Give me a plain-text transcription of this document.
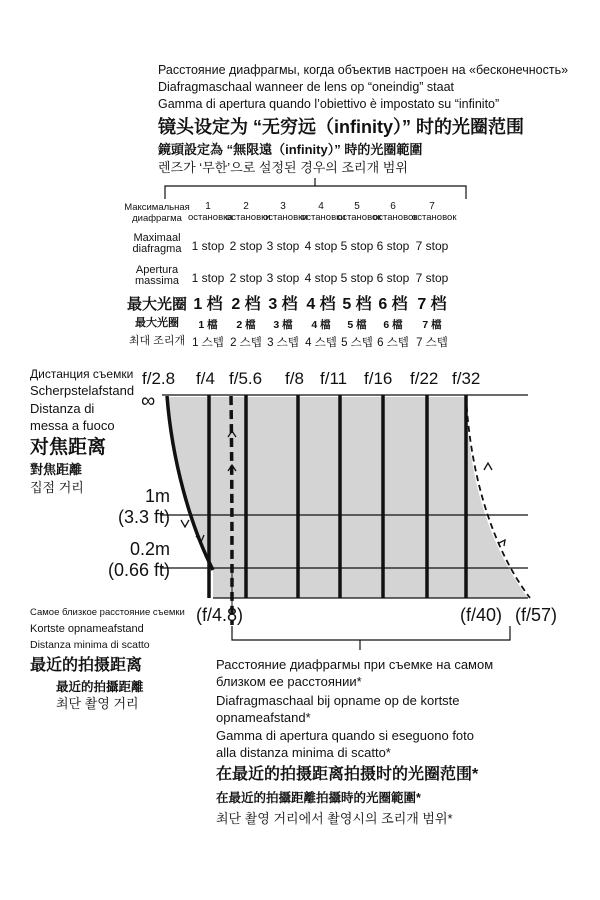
Расстояние диафрагмы, когда объектив настроен на «бесконечность»
Diafragmaschaal wanneer de lens op “oneindig” staat
Gamma di apertura quando l’obiettivo è impostato su “infinito”
镜头设定为 “无穷远（infinity）” 时的光圈范围
鏡頭設定為 “無限遠（infinity）” 時的光圈範圍
렌즈가 ‘무한’으로 설정된 경우의 조리개 범위
Максимальная диафрагма
Maximaal diafragma
Apertura massima
最大光圈
最大光圈
최대 조리개
1
остановка
1 stop
1 stop
1 档
1 檔
1 스텝
2
остановки
2 stop
2 stop
2 档
2 檔
2 스텝
3
остановки
3 stop
3 stop
3 档
3 檔
3 스텝
4
остановки
4 stop
4 stop
4 档
4 檔
4 스텝
5
остановок
5 stop
5 stop
5 档
5 檔
5 스텝
6
остановок
6 stop
6 stop
6 档
6 檔
6 스텝
7
остановок
7 stop
7 stop
7 档
7 檔
7 스텝
f/2.8 f/4 f/5.6 f/8 f/11 f/16 f/22 f/32
Дистанция съемки
Scherpstelafstand
Distanza di
messa a fuoco
对焦距离
對焦距離
집점 거리
∞
1m
(3.3 ft)
0.2m
(0.66 ft)
(f/4.8)	(f/40) (f/57)
Самое близкое расстояние съемки
Kortste opnameafstand
Distanza minima di scatto
最近的拍摄距离
最近的拍攝距離
최단 촬영 거리
Расстояние диафрагмы при съемке на самом
близком ее расстоянии*
Diafragmaschaal bij opname op de kortste
opnameafstand*
Gamma di apertura quando si eseguono foto
alla distanza minima di scatto*
在最近的拍摄距离拍摄时的光圈范围*
在最近的拍攝距離拍攝時的光圈範圍*
최단 촬영 거리에서 촬영시의 조리개 범위*
